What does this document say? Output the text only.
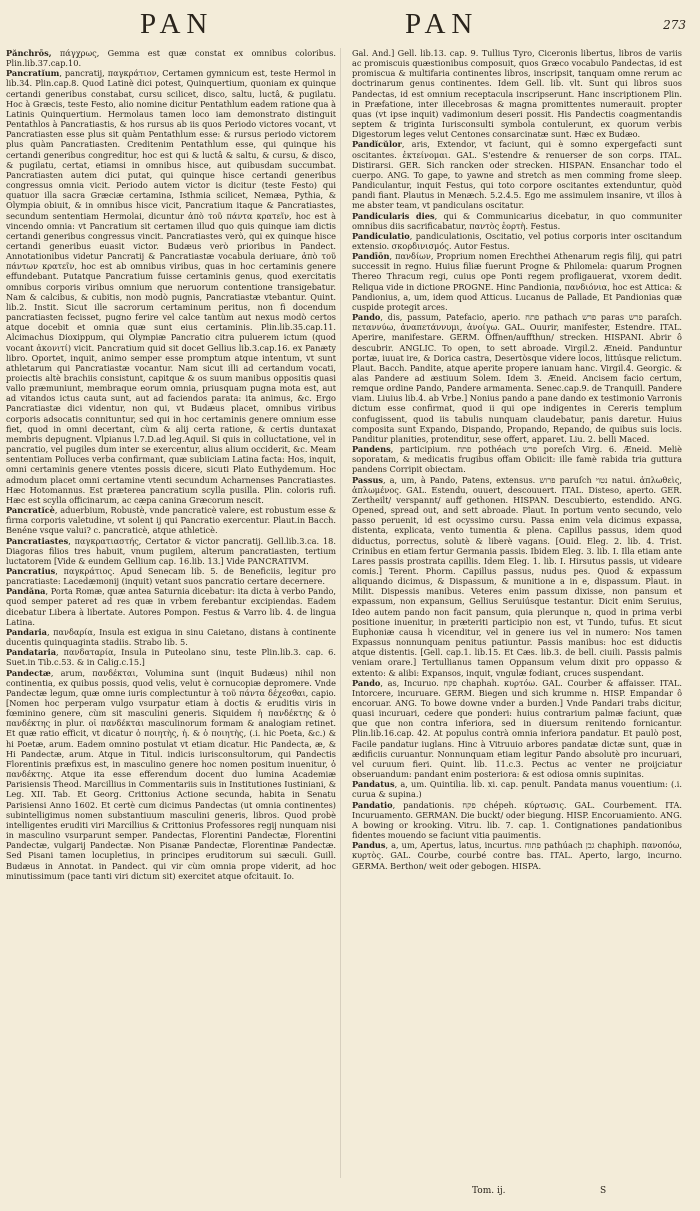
PAN	PAN	273

Pănchrōs, πάγχρως, Gemma est quæ constat ex omnibus coloribus. Plin.lib.37.cap.10.

Pancratĭum, pancratij, παγκράτιον, Certamen gymnicum est, teste Hermol in lib.34. Plin.cap.8. Quod Latinè dici potest, Quinquertium, quoniam ex quinque certandi generibus constabat, cursu scilicet, disco, saltu, luctâ, & pugilatu. Hoc à Græcis, teste Festo, alio nomine dicitur Pentathlum eadem ratione qua à Latinis Quinquertium. Hermolaus tamen loco iam demonstrato distinguit Pentathlos à Pancratiastis, & hos rursus ab iis quos Periodo victores vocant, vt Pancratiasten esse plus sit quàm Pentathlum esse: & rursus periodo victorem plus quàm Pancratiasten. Creditenim Pentathlum esse, qui quinque his certandi generibus congreditur, hoc est qui & luctâ & saltu, & cursu, & disco, & pugilatu, certat, etiamsi in omnibus hisce, aut quibusdam succumbat. Pancratiasten autem dici putat, qui quinque hisce certandi generibus congressus omnia vicit. Periodo autem victor is dicitur (teste Festo) qui quatuor illa sacra Græciæ certamina, Isthmia scilicet, Nemæa, Pythia, & Olympia obiuit, & in omnibus hisce vicit, Pancratium itaque & Pancratiastes, secundum sententiam Hermolai, dicuntur ἀπὸ τοῦ πάντα κρατεῖν, hoc est à vincendo omnia: vt Pancratium sit certamen illud quo quis quinque iam dictis certandi generibus congressus vincit. Pancratiastes verò, qui ex quinque hisce certandi generibus euasit victor. Budæus verò prioribus in Pandect. Annotationibus videtur Pancratij & Pancratiastæ vocabula deriuare, ἀπὸ τοῦ πάντων κρατεῖν, hoc est ab omnibus viribus, quas in hoc certaminis genere effundebant. Putatque Pancratium fuisse certaminis genus, quod exercitatis omnibus corporis viribus omnium que neruorum contentione transigebatur. Nam & calcibus, & cubitis, non modò pugnis, Pancratiastæ vtebantur. Quint. lib.2. Instit. Sicut ille sacrorum certaminum peritus, non fi docendum pancratiasten fecisset, pugno ferire vel calce tantùm aut nexus modò certos atque docebit et omnia quæ sunt eius certaminis. Plin.lib.35.cap.11. Alcimachus Dioxippum, qui Olympiæ Pancratio citra puluerem ictum (quod vocant ἀκονιτί) vicit. Pancratium quid sit docet Gellius lib.3.cap.16. ex Panæty libro. Oportet, inquit, animo semper esse promptum atque intentum, vt sunt athletarum qui Pancratiastæ vocantur. Nam sicut illi ad certandum vocati, proiectis altè brachiis consistunt, capitque & os suum manibus oppositis quasi vallo præmuniunt, membraque eorum omnia, priusquam pugna mota est, aut ad vitandos ictus cauta sunt, aut ad faciendos parata: ita animus, &c. Ergo Pancratiastæ dici videntur, non qui, vt Budæus placet, omnibus viribus corporis adsocatis connituntur, sed qui in hoc certaminis genere omnium esse fiet, quod in omni decertant, cùm & alij certa ratione, & certis duntaxat membris depugnent. Vlpianus l.7.D.ad leg.Aquil. Si quis in colluctatione, vel in pancratio, vel pugiles dum inter se exercentur, alius alium occiderit, &c. Meam sententiam Polluces verba confirmant, quæ subiiciam Latina facta: Hos, inquit, omni certaminis genere vtentes possis dicere, sicuti Plato Euthydemum. Hoc admodum placet omni certamine vtenti secundum Acharnenses Pancratiastes. Hæc Hotomannus. Est præterea pancratium scylla pusilla. Plin. coloris rufi. Hæc est scylla officinarum, ac cæpa canina Græcorum nescit.

Pancratĭcè, aduerbium, Robustè, vnde pancraticè valere, est robustum esse & firma corporis valetudine, vt solent ij qui Pancratio exercentur. Plaut.in Bacch. Benéne vsque valui? c. pancraticè, atque athleticè.

Pancratiastes, παγκρατιαστής, Certator & victor pancratij. Gell.lib.3.ca. 18. Diagoras filios tres habuit, vnum pugilem, alterum pancratiasten, tertium luctatorem [Vide & eundem Gellium cap. 16.lib. 13.] Vide PANCRATIVM.

Pancratius, παγκράτιος. Apud Senecam lib. 5. de Beneficiis, legitur pro pancratiaste: Lacedæmonij (inquit) vetant suos pancratio certare decernere.

Pandăna, Porta Romæ, quæ antea Saturnia dicebatur: ita dicta à verbo Pando, quod semper pateret ad res quæ in vrbem ferebantur excipiendas. Eadem dicebatur Libera à libertate. Autores Pompon. Festus & Varro lib. 4. de lingua Latina.

Pandaria, πανδαρία, Insula est exigua in sinu Caietano, distans à continente ducentis quinquaginta stadiis. Strabo lib. 5.

Pandataria, πανδαταρία, Insula in Puteolano sinu, teste Plin.lib.3. cap. 6. Suet.in Tib.c.53. & in Calig.c.15.]

Pandectæ, arum, πανδέκται, Volumina sunt (inquit Budæus) nihil non continentia, ex quibus possis, quod velis, velut è cornucopiæ depromere. Vnde Pandectæ legum, quæ omne iuris complectuntur à τοῦ πάντα δέχεσθαι, capio. [Nomen hoc perperam vulgo vsurpatur etiam à doctis & eruditis viris in fœminino genere, cùm sit masculini generis. Siquidem ἡ πανδέκτης & ὁ πανδέκτης in plur. οἱ πανδέκται masculinorum formam & analogiam retinet. Et quæ ratio efficit, vt dicatur ὁ ποιητὴς, ἡ. & ὁ ποιητὴς, (.i. hic Poeta, &c.) & hi Poetæ, arum. Eadem omnino postulat vt etiam dicatur. Hic Pandecta, æ, & Hi Pandectæ, arum. Atque in Titul. indicis iurisconsultorum, qui Pandectis Florentinis præfixus est, in masculino genere hoc nomen positum inuenitur, ὁ πανδέκτης. Atque ita esse efferendum docent duo lumina Academiæ Parisiensis Theod. Marcillius in Commentariis suis in Institutiones Iustiniani, & Leg. XII. Tab. Et Georg. Crittonius Actione secunda, habita in Senatu Parisiensi Anno 1602. Et certè cum dicimus Pandectas (ut omnia continentes) subintelligimus nomen substantiuum masculini generis, libros. Quod probè intelligentes eruditi viri Marcillius & Crittonius Professores regij nunquam nisi in masculino vsurparunt semper. Pandectas, Florentini Pandectæ, Florentini Pandectæ, vulgarij Pandectæ. Non Pisanæ Pandectæ, Florentinæ Pandectæ. Sed Pisani tamen locupletius, in principes eruditorum sui sæculi. Guill. Budæus in Annotat. in Pandect. qui vir cùm omnia prope viderit, ad hoc minutissimum (pace tanti viri dictum sit) exercitet atque ofcitauit. Io.

Gal. And.] Gell. lib.13. cap. 9. Tullius Tyro, Ciceronis libertus, libros de variis ac promiscuis quæstionibus composuit, quos Græco vocabulo Pandectas, id est promiscua & multifaria continentes libros, inscripsit, tanquam omne rerum ac doctrinarum genus continentes. Idem Gell. lib. vlt. Sunt qui libros suos Pandectas, id est omnium receptacula inscripserunt. Hanc inscriptionem Plin. in Præfatione, inter illecebrosas & magna promittentes numerauit. propter quas (vt ipse inquit) vadimonium deseri possit. His Pandectis coagmentandis septem & triginta Iurisconsulti symbola contulerunt, ex quorum verbis Digestorum leges velut Centones consarcinatæ sunt. Hæc ex Budæo.

Pandĭcŭlor, aris, Extendor, vt faciunt, qui è somno expergefacti sunt oscitantes. ἐκτείνομαι. GAL. S'estendre & renuerser de son corps. ITAL. Distirarsi. GER. Sich rancken oder strecken. HISPAN. Ensanchar todo el cuerpo. ANG. To gape, to yawne and stretch as men comming frome sleep. Pandiculantur, inquit Festus, qui toto corpore oscitantes extenduntur, quòd pandi fiant. Plautus in Menæch. 5.2.4.5. Ego me assimulem insanire, vt illos à me abster team, vt pandiculans oscitatur.

Pandicularis dies, qui & Communicarius dicebatur, in quo communiter omnibus diis sacrificabatur, παντὸς ἑορτὴ. Festus.

Pandiculatio, pandiculationis, Oscitatio, vel potius corporis inter oscitandum extensio. σκορδινισμός. Autor Festus.

Pandīōn, πανδίων, Proprium nomen Erechthei Athenarum regis filij, qui patri successit in regno. Huius filiæ fuerunt Progne & Philomela: quarum Prognen Thereo Thracum regi, cuius ope Ponti regem profligauerat, vxorem dedit. Reliqua vide in dictione PROGNE. Hinc Pandionia, πανδιόνια, hoc est Attica: & Pandionius, a, um, idem quod Atticus. Lucanus de Pallade, Et Pandionias quæ cuspide protegit arces.

Pando, dis, passum, Patefacio, aperio. פתח pathach פרש paras פרש paraſch. πεταννύω, ἀναπετάννυμι, ἀνοίγω. GAL. Ouurir, manifester, Estendre. ITAL. Aperire, manifestare. GERM. Öffnen/auffthun/ strecken. HISPANI. Abrir ô descubrir. ANGLIC. To open, to sett abroade. Virgil.2. Æneid. Panduntur portæ, iuuat ire, & Dorica castra, Desertòsque videre locos, littúsque relictum. Plaut. Bacch. Pandite, atque aperite propere ianuam hanc. Virgil.4. Georgic. & alas Pandere ad æstiuum Solem. Idem 3. Æneid. Ancisem facio certum, remque ordine Pando, Pandere armamenta. Senec.cap.9. de Tranquill. Pandere viam. Liuius lib.4. ab Vrbe.] Nonius pando a pane dando ex testimonio Varronis dictum esse confirmat, quod ii qui ope indigentes in Cereris templum confugissent, quod iis tabulis nunquam claudebatur, panis daretur. Huius composita sunt Expando, Dispando, Propando, Repando, de quibus suis locis. Panditur planities, protenditur, sese offert, apparet. Liu. 2. belli Maced.

Pandens, participium. פתח pothéach פרש poreſch Virg. 6. Æneid. Meliè soporatam, & medicatis frugibus offam Obiicit: ille famè rabida tria guttura pandens Corripit obiectam.

Passus, a, um, à Pando, Patens, extensus. פרוש paruſch נטוי natui. ἀπλωθεὶς, ἁπλωμένος. GAL. Estendu, ouuert, descouuert. ITAL. Disteso, aperto. GER. Zertheilt/ verspannt/ auff gethonen. HISPAN. Descubierto, estendido. ANG. Opened, spread out, and sett abroade. Plaut. In portum vento secundo, velo passo peruenit, id est ocyssimo cursu. Passa enim vela dicimus expassa, distenta, explicata, vento tumentia & plena. Capillus passus, idem quod diductus, porrectus, solutè & liberè vagans. [Ouid. Eleg. 2. lib. 4. Trist. Crinibus en etiam fertur Germania passis. Ibidem Eleg. 3. lib. I. Illa etiam ante Lares passis prostrata capillis. Idem Eleg. 1. lib. I. Hirsutus passis, ut videare comis.] Terent. Phorm. Capillus passus, nudus pes. Quod & expassum aliquando dicimus, & Dispassum, & munitione a in e, dispassum. Plaut. in Milit. Dispessis manibus. Veteres enim passum dixisse, non pansum et expassum, non expansum, Gellius Seruiúsque testantur. Dicit enim Seruius, Ideo autem pando non facit pansum, quia plerunque n, quod in prima verbi positione inuenitur, in præteriti participio non est, vt Tundo, tufus. Et sicut Euphoniæ causa h vicenditur, vel in genere ius vel in numero: Nos tamen Expassus nonnunquam penitus patiuntur. Passis manibus: hoc est diductis atque distentis. [Gell. cap.1. lib.15. Et Cæs. lib.3. de bell. ciuili. Passis palmis veniam orare.] Tertullianus tamen Oppansum velum dixit pro oppasso & extento: & alibi: Expansos, inquit, vngulæ fodiant, cruces suspendant.

Pando, as, Incuruo. פקח chaphah. κυρτόω. GAL. Courber & affaisser. ITAL. Intorcere, incuruare. GERM. Biegen und sich krumme n. HISP. Empandar ô encoruar. ANG. To bowe downe vnder a burden.] Vnde Pandari trabs dicitur, quasi incuruari, cedere que ponderi: huius contrarium palmæ faciunt, quæ que que non contra inferiora, sed in diuersum renitendo fornicantur. Plin.lib.16.cap. 42. At populus contrà omnia inferiora pandatur. Et paulò post, Facile pandatur iuglans. Hinc à Vitruuio arbores pandatæ dictæ sunt, quæ in ædificiis curuantur. Nonnunquam etiam legitur Pando absolutè pro incuruari, vel curuum fieri. Quint. lib. 11.c.3. Pectus ac venter ne proijciatur obseruandum: pandant enim posteriora: & est odiosa omnis supinitas.

Pandatus, a, um. Quintilia. lib. xi. cap. penult. Pandata manus vouentium: (.i. curua & supina.)

Pandatio, pandationis. פקח chépeh. κύρτωσις. GAL. Courbement. ITA. Incuruamento. GERMAN. Die buckt/ oder biegung. HISP. Encoruamiento. ANG. A bowing or krooking. Vitru. lib. 7. cap. 1. Contignationes pandationibus fidentes mouendo se faciunt vitia pauimentis.

Pandus, a, um, Apertus, latus, incurtus. פתוח pathúach גבן chaphiph. πανοπόω, κυρτὸς. GAL. Courbe, courbé contre bas. ITAL. Aperto, largo, incurno. GERMA. Berthon/ weit oder gebogen. HISPA.

Tom. ij.	S
